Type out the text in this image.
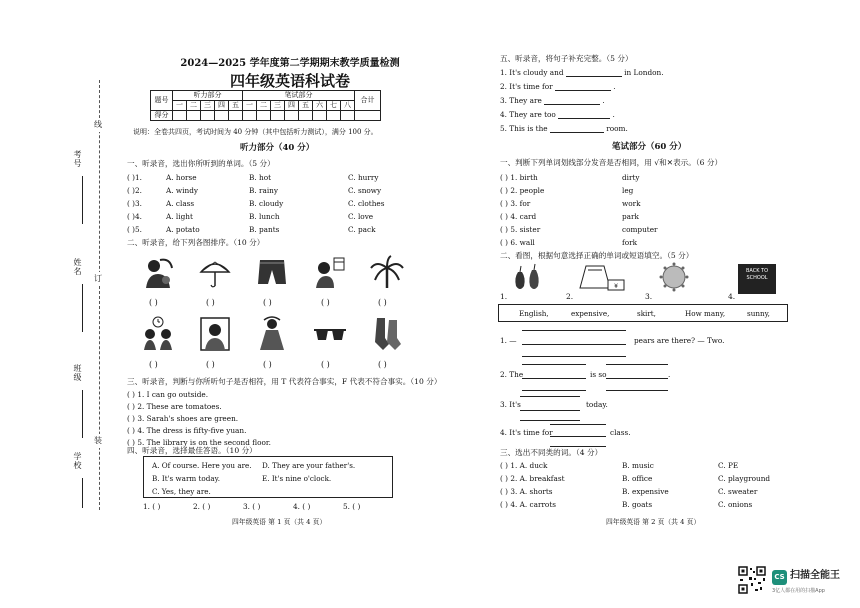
线
订
装
考号
姓名
班级
学校
2024—2025 学年度第二学期期末教学质量检测
四年级英语科试卷
题号	听力部分					笔试部分								合计
	一	二	三	四	五	一	二	三	四	五	六	七	八	
得分														
说明：全卷共四页，考试时间为 40 分钟（其中包括听力测试），满分 100 分。
听力部分（40 分）
一、听录音，选出你所听到的单词。（5 分）
( )1.	A. horse	B. hot	C. hurry
( )2.	A. windy	B. rainy	C. snowy
( )3.	A. class	B. cloudy	C. clothes
( )4.	A. light	B. lunch	C. love
( )5.	A. potato	B. pants	C. pack
二、听录音，给下列各图排序。（10 分）
( )	( )	( )	( )	( )
( )	( )	( )	( )	( )
三、听录音，判断与你所听句子是否相符，用 T 代表符合事实，F 代表不符合事实。（10 分）
( ) 1. I can go outside.
( ) 2. These are tomatoes.
( ) 3. Sarah's shoes are green.
( ) 4. The dress is fifty-five yuan.
( ) 5. The library is on the second floor.
四、听录音，选择最佳答语。（10 分）
A. Of course. Here you are. D. They are your father's.
B. It's warm today.	E. It's nine o'clock.
C. Yes, they are.
1. ( )	2. ( )	3. ( )	4. ( )	5. ( )
四年级英语 第 1 页（共 4 页）
五、听录音，将句子补充完整。（5 分）
1. It's cloudy and	in London.
2. It's time for	.
3. They are	.
4. They are too	.
5. This is the	room.
笔试部分（60 分）
一、判断下列单词划线部分发音是否相同，用 √和✕表示。（6 分）
( ) 1. birth	dirty
( ) 2. people	leg
( ) 3. for	work
( ) 4. card	park
( ) 5. sister	computer
( ) 6. wall	fork
二、看图，根据句意选择正确的单词或短语填空。（5 分）
¥
BACK TO SCHOOL
1.	2.	3.	4.
English,	expensive,	skirt,	How many,	sunny,
1. —	pears are there? — Two.
2. The	is so	.
3. It's	today.
4. It's time for	class.
三、选出不同类的词。（4 分）
( ) 1. A. duck	B. music	C. PE
( ) 2. A. breakfast	B. office	C. playground
( ) 3. A. shorts	B. expensive	C. sweater
( ) 4. A. carrots	B. goats	C. onions
四年级英语 第 2 页（共 4 页）
CS 扫描全能王
3亿人都在用的扫描App
